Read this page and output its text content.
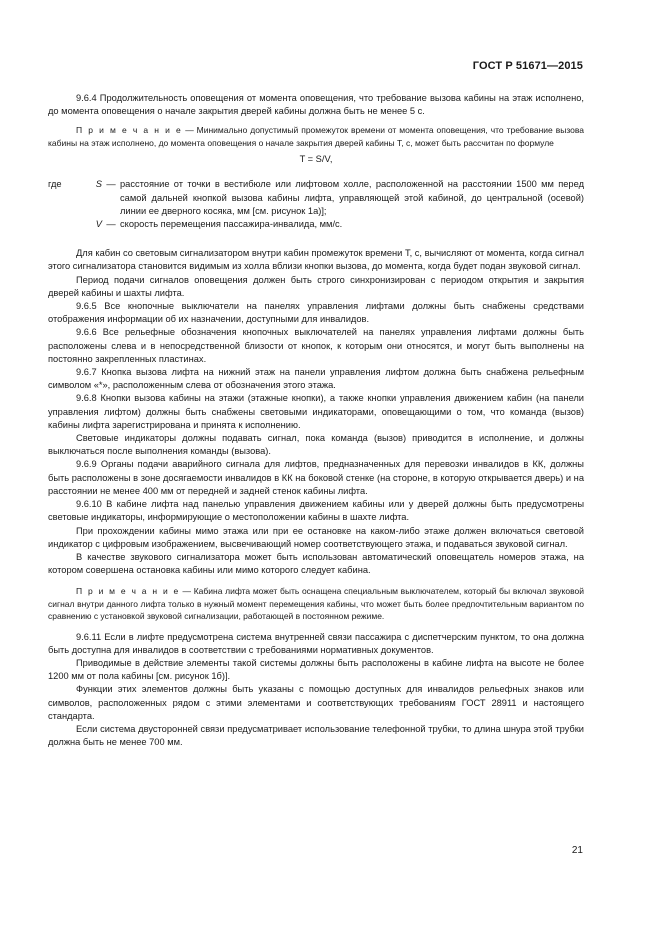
ГОСТ Р 51671—2015

9.6.4 Продолжительность оповещения от момента оповещения, что требование вызова кабины на этаж исполнено, до момента оповещения о начале закрытия дверей кабины должна быть не менее 5 с.

П р и м е ч а н и е — Минимально допустимый промежуток времени от момента оповещения, что требование вызова кабины на этаж исполнено, до момента оповещения о начале закрытия дверей кабины T, с, может быть рассчитан по формуле

T = S/V,
где	S — расстояние от точки в вестибюле или лифтовом холле, расположенной на расстоянии 1500 мм перед самой дальней кнопкой вызова кабины лифта, управляющей этой кабиной, до центральной (осевой) линии ее дверного косяка, мм [см. рисунок 1а)];
V — скорость перемещения пассажира-инвалида, мм/с.

Для кабин со световым сигнализатором внутри кабин промежуток времени T, с, вычисляют от момента, когда сигнал этого сигнализатора становится видимым из холла вблизи кнопки вызова, до момента, когда будет подан звуковой сигнал.

Период подачи сигналов оповещения должен быть строго синхронизирован с периодом открытия и закрытия дверей кабины и шахты лифта.

9.6.5 Все кнопочные выключатели на панелях управления лифтами должны быть снабжены средствами отображения информации об их назначении, доступными для инвалидов.

9.6.6 Все рельефные обозначения кнопочных выключателей на панелях управления лифтами должны быть расположены слева и в непосредственной близости от кнопок, к которым они относятся, и могут быть выполнены на постоянно закрепленных пластинах.

9.6.7 Кнопка вызова лифта на нижний этаж на панели управления лифтом должна быть снабжена рельефным символом «*», расположенным слева от обозначения этого этажа.

9.6.8 Кнопки вызова кабины на этажи (этажные кнопки), а также кнопки управления движением кабин (на панели управления лифтом) должны быть снабжены световыми индикаторами, оповещающими о том, что команда (вызов) кабины лифта зарегистрирована и принята к исполнению.

Световые индикаторы должны подавать сигнал, пока команда (вызов) приводится в исполнение, и должны выключаться после выполнения команды (вызова).

9.6.9 Органы подачи аварийного сигнала для лифтов, предназначенных для перевозки инвалидов в КК, должны быть расположены в зоне досягаемости инвалидов в КК на боковой стенке (на стороне, в которую открывается дверь) и на расстоянии не менее 400 мм от передней и задней стенок кабины лифта.

9.6.10 В кабине лифта над панелью управления движением кабины или у дверей должны быть предусмотрены световые индикаторы, информирующие о местоположении кабины в шахте лифта.

При прохождении кабины мимо этажа или при ее остановке на каком-либо этаже должен включаться световой индикатор с цифровым изображением, высвечивающий номер соответствующего этажа, и подаваться звуковой сигнал.

В качестве звукового сигнализатора может быть использован автоматический оповещатель номеров этажа, на котором совершена остановка кабины или мимо которого следует кабина.

П р и м е ч а н и е — Кабина лифта может быть оснащена специальным выключателем, который бы включал звуковой сигнал внутри данного лифта только в нужный момент перемещения кабины, что может быть более предпочтительным вариантом по сравнению с установкой звуковой сигнализации, работающей в постоянном режиме.

9.6.11 Если в лифте предусмотрена система внутренней связи пассажира с диспетчерским пунктом, то она должна быть доступна для инвалидов в соответствии с требованиями нормативных документов.

Приводимые в действие элементы такой системы должны быть расположены в кабине лифта на высоте не более 1200 мм от пола кабины [см. рисунок 1б)].

Функции этих элементов должны быть указаны с помощью доступных для инвалидов рельефных знаков или символов, расположенных рядом с этими элементами и соответствующих требованиям ГОСТ 28911 и настоящего стандарта.

Если система двусторонней связи предусматривает использование телефонной трубки, то длина шнура этой трубки должна быть не менее 700 мм.

21
